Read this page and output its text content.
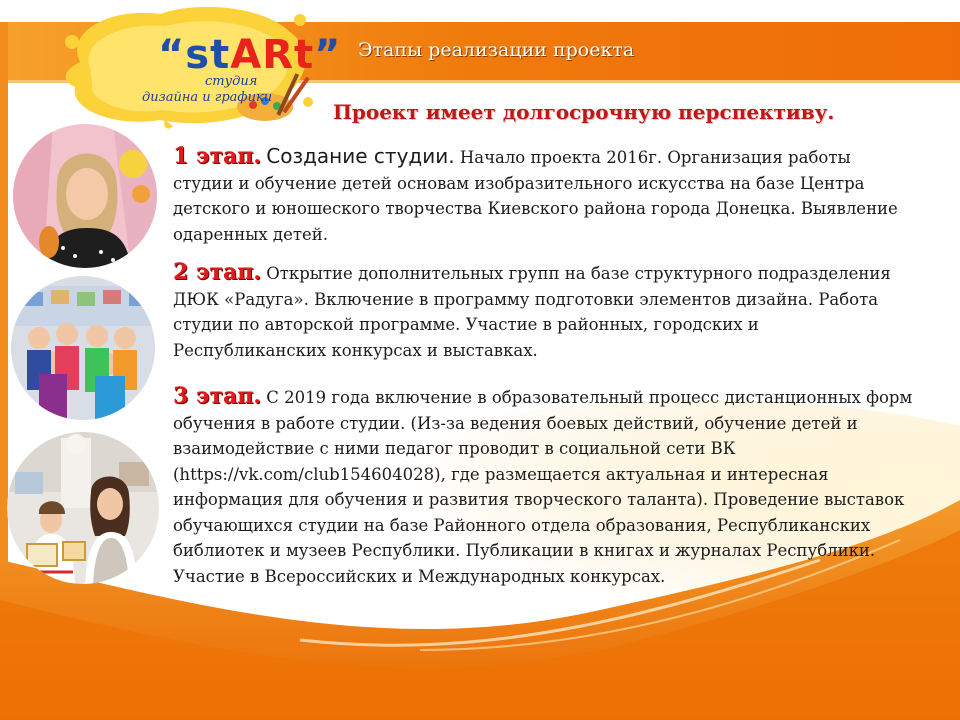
“stARt”
студия
дизайна и графики
Этапы реализации проекта
Проект имеет долгосрочную перспективу.
1 этап. Создание студии. Начало проекта 2016г. Организация работы студии и обучение детей основам изобразительного искусства на базе Центра детского и юношеского творчества Киевского района города Донецка. Выявление одаренных детей.
2 этап. Открытие дополнительных групп на базе структурного подразделения ДЮК «Радуга». Включение в программу подготовки элементов дизайна. Работа студии по авторской программе. Участие в районных, городских и Республиканских конкурсах и выставках.
3 этап. С 2019 года включение в образовательный процесс дистанционных форм обучения в работе студии. (Из-за ведения боевых действий, обучение детей и взаимодействие с ними педагог проводит в социальной сети ВК (https://vk.com/club154604028), где размещается актуальная и интересная информация для обучения и развития творческого таланта). Проведение выставок обучающихся студии на базе Районного отдела образования, Республиканских библиотек и музеев Республики. Публикации в книгах и журналах Республики. Участие в Всероссийских и Международных конкурсах.
